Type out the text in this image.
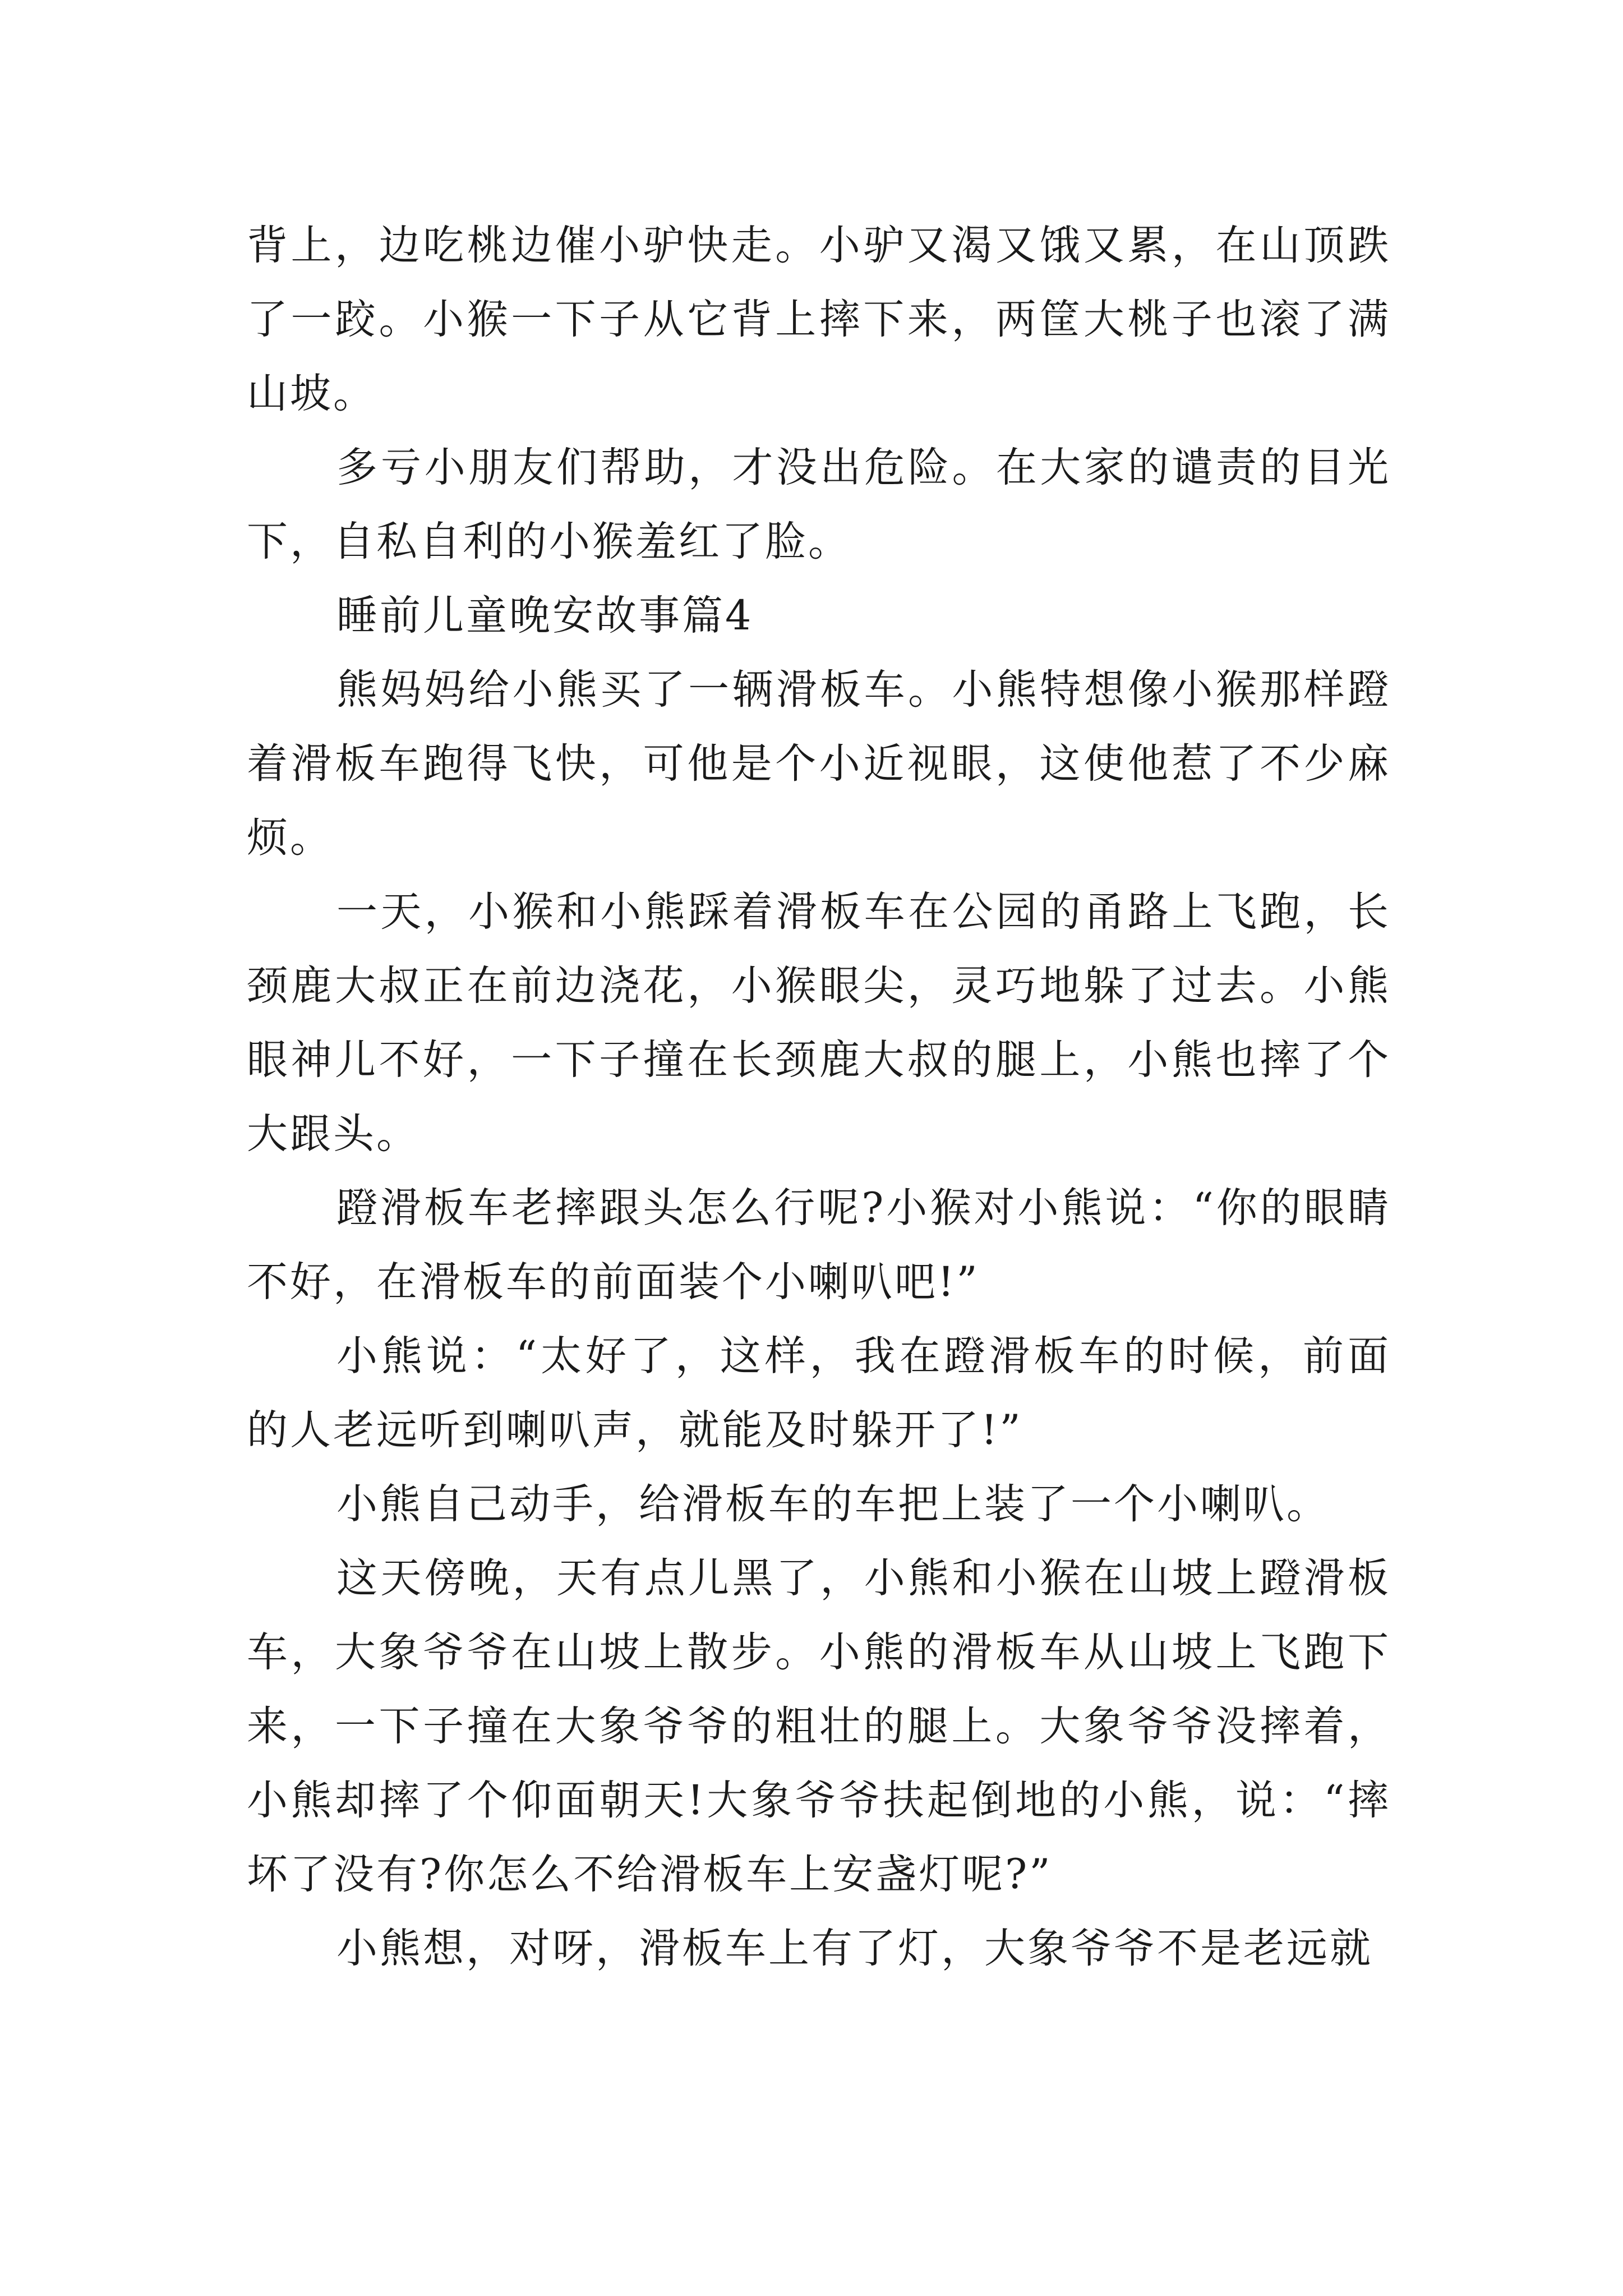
背上，边吃桃边催小驴快走。小驴又渴又饿又累，在山顶跌了一跤。小猴一下子从它背上摔下来，两筐大桃子也滚了满山坡。

多亏小朋友们帮助，才没出危险。在大家的谴责的目光下，自私自利的小猴羞红了脸。

睡前儿童晚安故事篇4

熊妈妈给小熊买了一辆滑板车。小熊特想像小猴那样蹬着滑板车跑得飞快，可他是个小近视眼，这使他惹了不少麻烦。

一天，小猴和小熊踩着滑板车在公园的甬路上飞跑，长颈鹿大叔正在前边浇花，小猴眼尖，灵巧地躲了过去。小熊眼神儿不好，一下子撞在长颈鹿大叔的腿上，小熊也摔了个大跟头。

蹬滑板车老摔跟头怎么行呢?小猴对小熊说：“你的眼睛不好，在滑板车的前面装个小喇叭吧!”

小熊说：“太好了，这样，我在蹬滑板车的时候，前面的人老远听到喇叭声，就能及时躲开了!”

小熊自己动手，给滑板车的车把上装了一个小喇叭。

这天傍晚，天有点儿黑了，小熊和小猴在山坡上蹬滑板车，大象爷爷在山坡上散步。小熊的滑板车从山坡上飞跑下来，一下子撞在大象爷爷的粗壮的腿上。大象爷爷没摔着，小熊却摔了个仰面朝天!大象爷爷扶起倒地的小熊，说：“摔坏了没有?你怎么不给滑板车上安盏灯呢?”

小熊想，对呀，滑板车上有了灯，大象爷爷不是老远就
